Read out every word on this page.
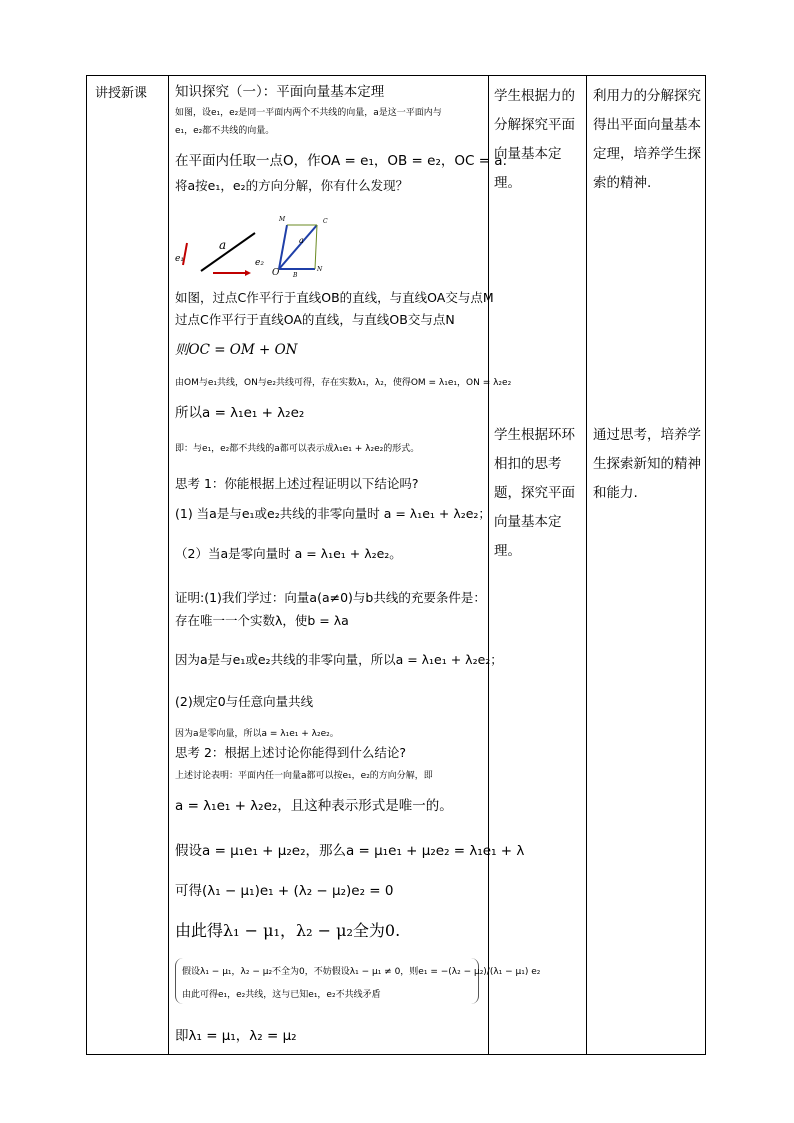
讲授新课	知识探究（一）：平面向量基本定理
如图，设e₁，e₂是同一平面内两个不共线的向量，a是这一平面内与
e₁，e₂都不共线的向量。
在平面内任取一点O，作OA = e₁，OB = e₂，OC = a.
将a按e₁，e₂的方向分解，你有什么发现？
e₁
a
e₂
M	C
O B
N
a
如图，过点C作平行于直线OB的直线，与直线OA交与点M
过点C作平行于直线OA的直线，与直线OB交与点N
则OC = OM + ON
由OM与e₁共线，ON与e₂共线可得，存在实数λ₁，λ₂，使得OM = λ₁e₁，ON = λ₂e₂
所以a = λ₁e₁ + λ₂e₂
即：与e₁，e₂都不共线的a都可以表示成λ₁e₁ + λ₂e₂的形式。
思考 1：你能根据上述过程证明以下结论吗?
(1) 当a是与e₁或e₂共线的非零向量时 a = λ₁e₁ + λ₂e₂；
（2）当a是零向量时 a = λ₁e₁ + λ₂e₂。
证明:(1)我们学过：向量a(a≠0)与b共线的充要条件是：
存在唯一一个实数λ，使b = λa
因为a是与e₁或e₂共线的非零向量，所以a = λ₁e₁ + λ₂e₂；
(2)规定0与任意向量共线
因为a是零向量，所以a = λ₁e₁ + λ₂e₂。
思考 2：根据上述讨论你能得到什么结论?
上述讨论表明：平面内任一向量a都可以按e₁，e₂的方向分解，即
a = λ₁e₁ + λ₂e₂，且这种表示形式是唯一的。
假设a = μ₁e₁ + μ₂e₂，那么a = μ₁e₁ + μ₂e₂ = λ₁e₁ + λ
可得(λ₁ − μ₁)e₁ + (λ₂ − μ₂)e₂ = 0
由此得λ₁ − μ₁，λ₂ − μ₂全为0.
假设λ₁ − μ₁，λ₂ − μ₂不全为0，不妨假设λ₁ − μ₁ ≠ 0，则e₁ = −(λ₂ − μ₂)/(λ₁ − μ₁) e₂
由此可得e₁，e₂共线，这与已知e₁，e₂不共线矛盾
即λ₁ = μ₁，λ₂ = μ₂
学生根据力的分解探究平面向量基本定理。
学生根据环环相扣的思考题，探究平面向量基本定理。
利用力的分解探究得出平面向量基本定理，培养学生探索的精神.
通过思考，培养学生探索新知的精神和能力.
